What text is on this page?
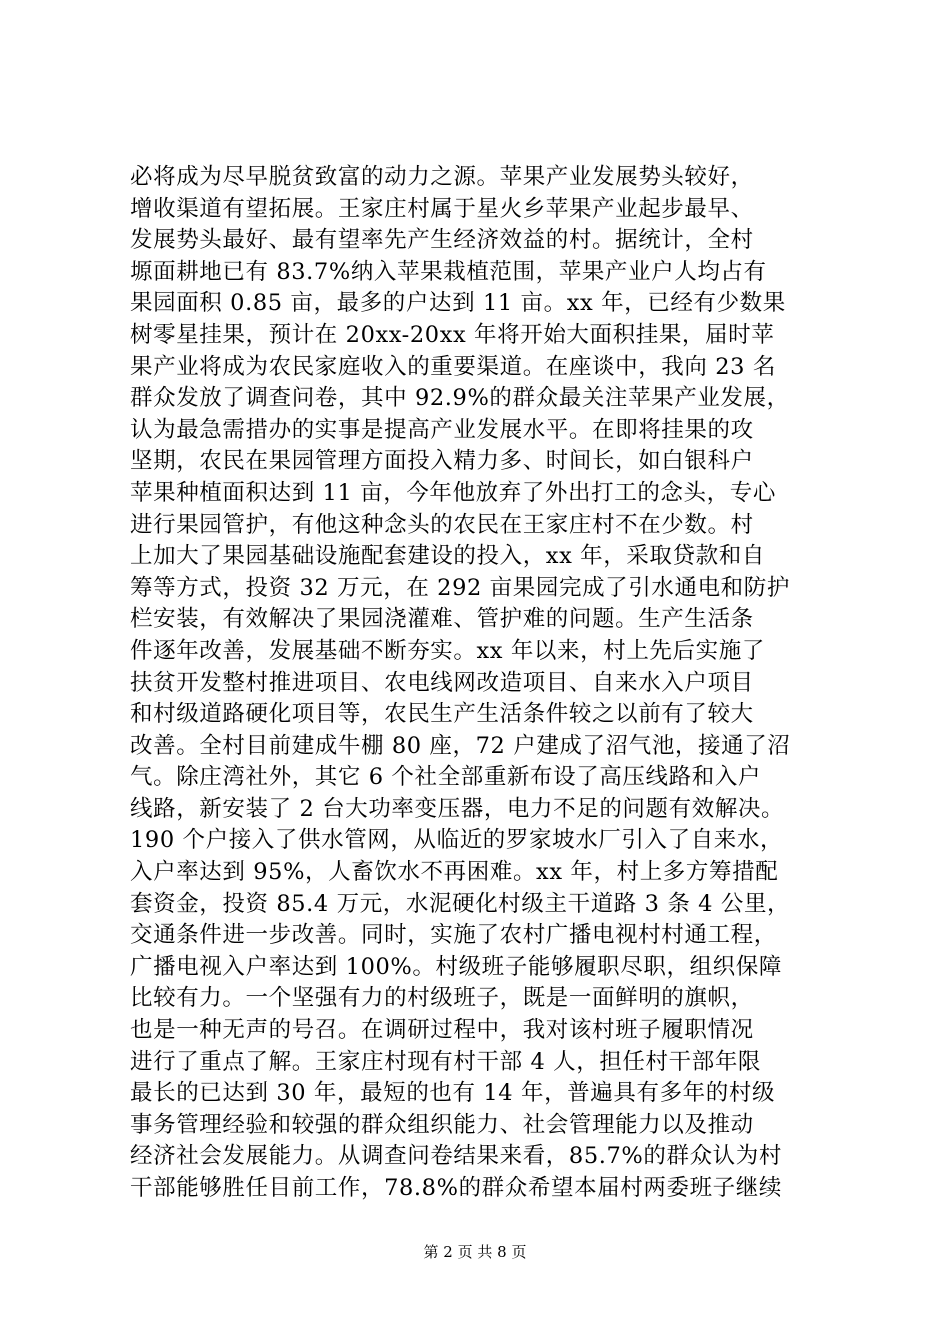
必将成为尽早脱贫致富的动力之源。苹果产业发展势头较好，
增收渠道有望拓展。王家庄村属于星火乡苹果产业起步最早、
发展势头最好、最有望率先产生经济效益的村。据统计，全村
塬面耕地已有 83.7%纳入苹果栽植范围，苹果产业户人均占有
果园面积 0.85 亩，最多的户达到 11 亩。xx 年，已经有少数果
树零星挂果，预计在 20xx-20xx 年将开始大面积挂果，届时苹
果产业将成为农民家庭收入的重要渠道。在座谈中，我向 23 名
群众发放了调查问卷，其中 92.9%的群众最关注苹果产业发展，
认为最急需措办的实事是提高产业发展水平。在即将挂果的攻
坚期，农民在果园管理方面投入精力多、时间长，如白银科户
苹果种植面积达到 11 亩，今年他放弃了外出打工的念头，专心
进行果园管护，有他这种念头的农民在王家庄村不在少数。村
上加大了果园基础设施配套建设的投入，xx 年，采取贷款和自
筹等方式，投资 32 万元，在 292 亩果园完成了引水通电和防护
栏安装，有效解决了果园浇灌难、管护难的问题。生产生活条
件逐年改善，发展基础不断夯实。xx 年以来，村上先后实施了
扶贫开发整村推进项目、农电线网改造项目、自来水入户项目
和村级道路硬化项目等，农民生产生活条件较之以前有了较大
改善。全村目前建成牛棚 80 座，72 户建成了沼气池，接通了沼
气。除庄湾社外，其它 6 个社全部重新布设了高压线路和入户
线路，新安装了 2 台大功率变压器，电力不足的问题有效解决。
190 个户接入了供水管网，从临近的罗家坡水厂引入了自来水，
入户率达到 95%，人畜饮水不再困难。xx 年，村上多方筹措配
套资金，投资 85.4 万元，水泥硬化村级主干道路 3 条 4 公里，
交通条件进一步改善。同时，实施了农村广播电视村村通工程，
广播电视入户率达到 100%。村级班子能够履职尽职，组织保障
比较有力。一个坚强有力的村级班子，既是一面鲜明的旗帜，
也是一种无声的号召。在调研过程中，我对该村班子履职情况
进行了重点了解。王家庄村现有村干部 4 人，担任村干部年限
最长的已达到 30 年，最短的也有 14 年，普遍具有多年的村级
事务管理经验和较强的群众组织能力、社会管理能力以及推动
经济社会发展能力。从调查问卷结果来看，85.7%的群众认为村
干部能够胜任目前工作，78.8%的群众希望本届村两委班子继续
第 2 页 共 8 页
